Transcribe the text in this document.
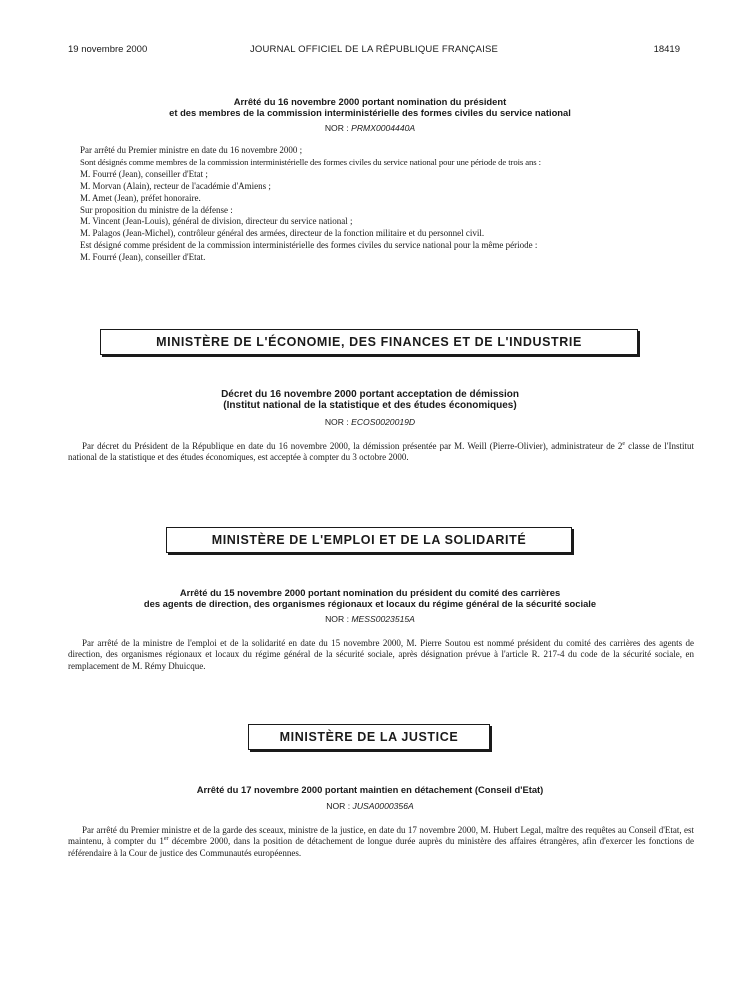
19 novembre 2000	JOURNAL OFFICIEL DE LA RÉPUBLIQUE FRANÇAISE	18419
Arrêté du 16 novembre 2000 portant nomination du président
et des membres de la commission interministérielle des formes civiles du service national
NOR : PRMX0004440A

Par arrêté du Premier ministre en date du 16 novembre 2000 ;

Sont désignés comme membres de la commission interministérielle des formes civiles du service national pour une période de trois ans :

M. Fourré (Jean), conseiller d'Etat ;

M. Morvan (Alain), recteur de l'académie d'Amiens ;

M. Amet (Jean), préfet honoraire.

Sur proposition du ministre de la défense :

M. Vincent (Jean-Louis), général de division, directeur du service national ;

M. Palagos (Jean-Michel), contrôleur général des armées, directeur de la fonction militaire et du personnel civil.

Est désigné comme président de la commission interministérielle des formes civiles du service national pour la même période :

M. Fourré (Jean), conseiller d'Etat.

MINISTÈRE DE L'ÉCONOMIE, DES FINANCES ET DE L'INDUSTRIE
Décret du 16 novembre 2000 portant acceptation de démission
(Institut national de la statistique et des études économiques)
NOR : ECOS0020019D

Par décret du Président de la République en date du 16 novembre 2000, la démission présentée par M. Weill (Pierre-Olivier), administrateur de 2e classe de l'Institut national de la statistique et des études économiques, est acceptée à compter du 3 octobre 2000.

MINISTÈRE DE L'EMPLOI ET DE LA SOLIDARITÉ
Arrêté du 15 novembre 2000 portant nomination du président du comité des carrières
des agents de direction, des organismes régionaux et locaux du régime général de la sécurité sociale
NOR : MESS0023515A

Par arrêté de la ministre de l'emploi et de la solidarité en date du 15 novembre 2000, M. Pierre Soutou est nommé président du comité des carrières des agents de direction, des organismes régionaux et locaux du régime général de la sécurité sociale, après désignation prévue à l'article R. 217-4 du code de la sécurité sociale, en remplacement de M. Rémy Dhuicque.

MINISTÈRE DE LA JUSTICE
Arrêté du 17 novembre 2000 portant maintien en détachement (Conseil d'Etat)
NOR : JUSA0000356A

Par arrêté du Premier ministre et de la garde des sceaux, ministre de la justice, en date du 17 novembre 2000, M. Hubert Legal, maître des requêtes au Conseil d'Etat, est maintenu, à compter du 1er décembre 2000, dans la position de détachement de longue durée auprès du ministère des affaires étrangères, afin d'exercer les fonctions de référendaire à la Cour de justice des Communautés européennes.
